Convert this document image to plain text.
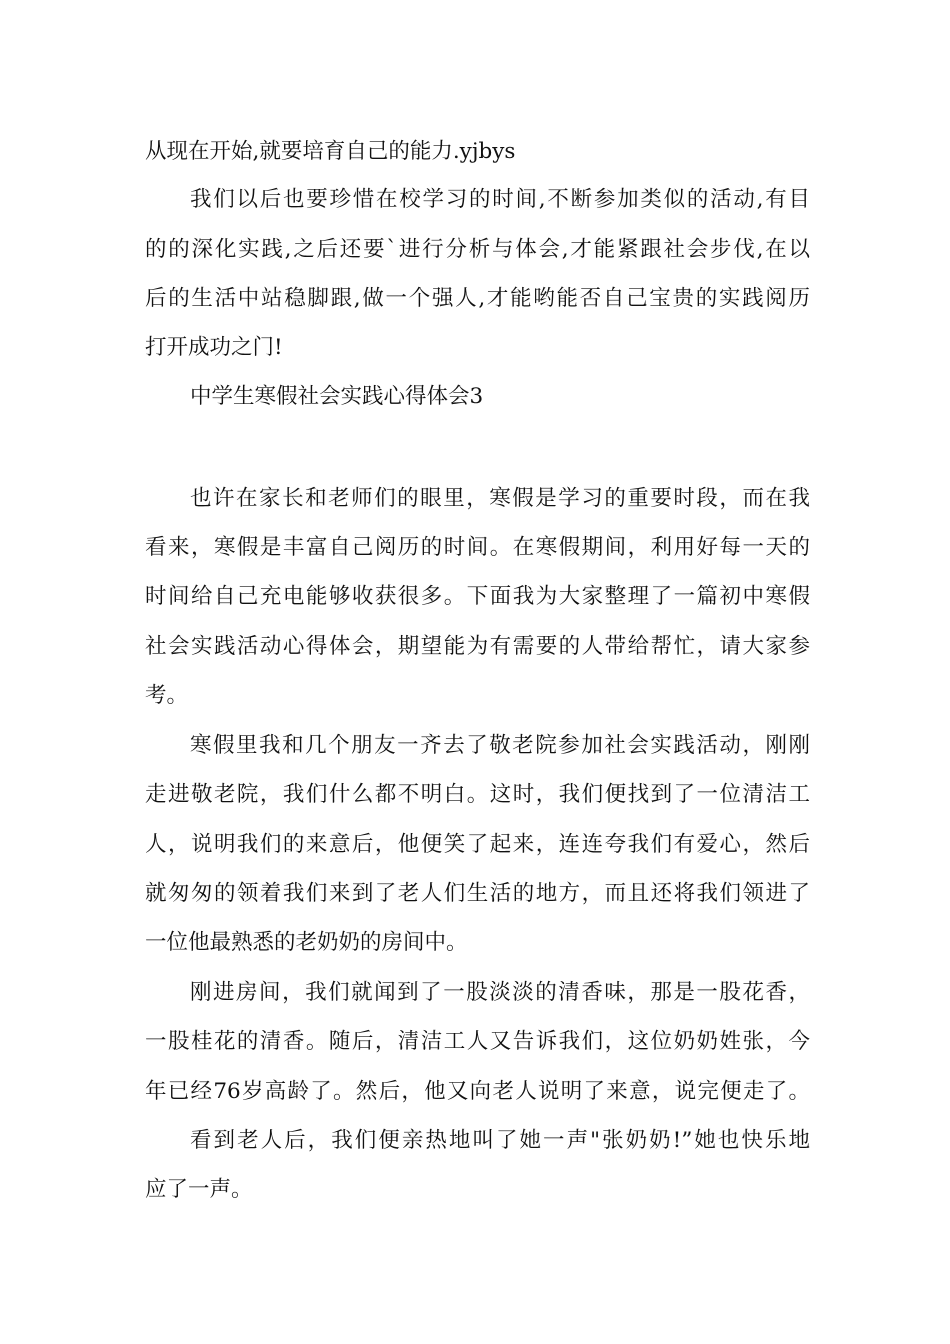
从现在开始,就要培育自己的能力.yjbys
我们以后也要珍惜在校学习的时间,不断参加类似的活动,有目
的的深化实践,之后还要`进行分析与体会,才能紧跟社会步伐,在以
后的生活中站稳脚跟,做一个强人,才能哟能否自己宝贵的实践阅历
打开成功之门!
中学生寒假社会实践心得体会3
也许在家长和老师们的眼里，寒假是学习的重要时段，而在我
看来，寒假是丰富自己阅历的时间。在寒假期间，利用好每一天的
时间给自己充电能够收获很多。下面我为大家整理了一篇初中寒假
社会实践活动心得体会，期望能为有需要的人带给帮忙，请大家参
考。
寒假里我和几个朋友一齐去了敬老院参加社会实践活动，刚刚
走进敬老院，我们什么都不明白。这时，我们便找到了一位清洁工
人，说明我们的来意后，他便笑了起来，连连夸我们有爱心，然后
就匆匆的领着我们来到了老人们生活的地方，而且还将我们领进了
一位他最熟悉的老奶奶的房间中。
刚进房间，我们就闻到了一股淡淡的清香味，那是一股花香，
一股桂花的清香。随后，清洁工人又告诉我们，这位奶奶姓张，今
年已经76岁高龄了。然后，他又向老人说明了来意，说完便走了。
看到老人后，我们便亲热地叫了她一声"张奶奶!”她也快乐地
应了一声。
